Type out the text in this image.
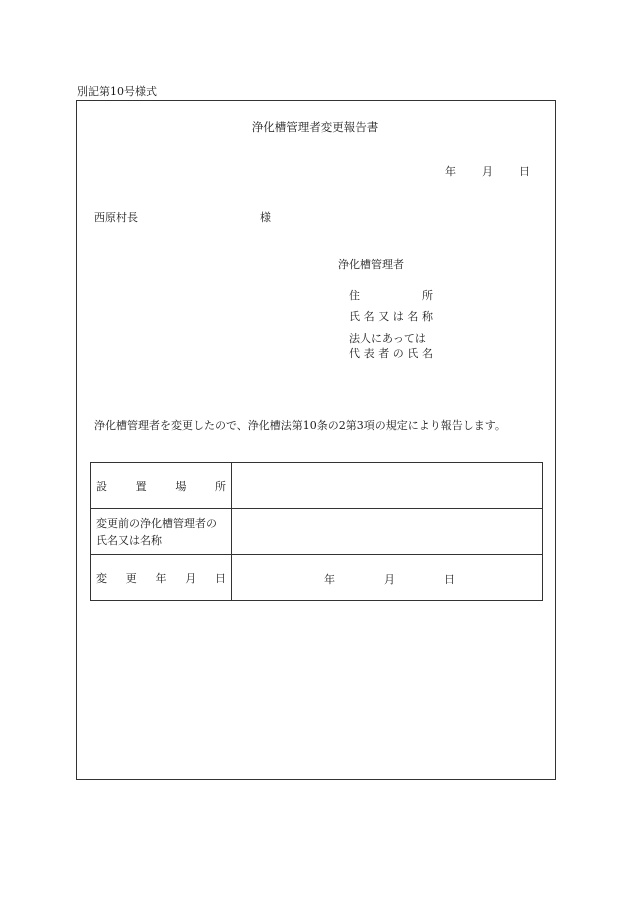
別記第10号様式
浄化槽管理者変更報告書
年 月 日
西原村長	様
浄化槽管理者
住	所
氏 名 又 は 名 称
法人にあっては
代 表 者 の 氏 名
浄化槽管理者を変更したので、浄化槽法第10条の2第3項の規定により報告します。
設 置 場 所	

変更前の浄化槽管理者の
氏名又は名称	

変 更 年 月 日	年 月 日
